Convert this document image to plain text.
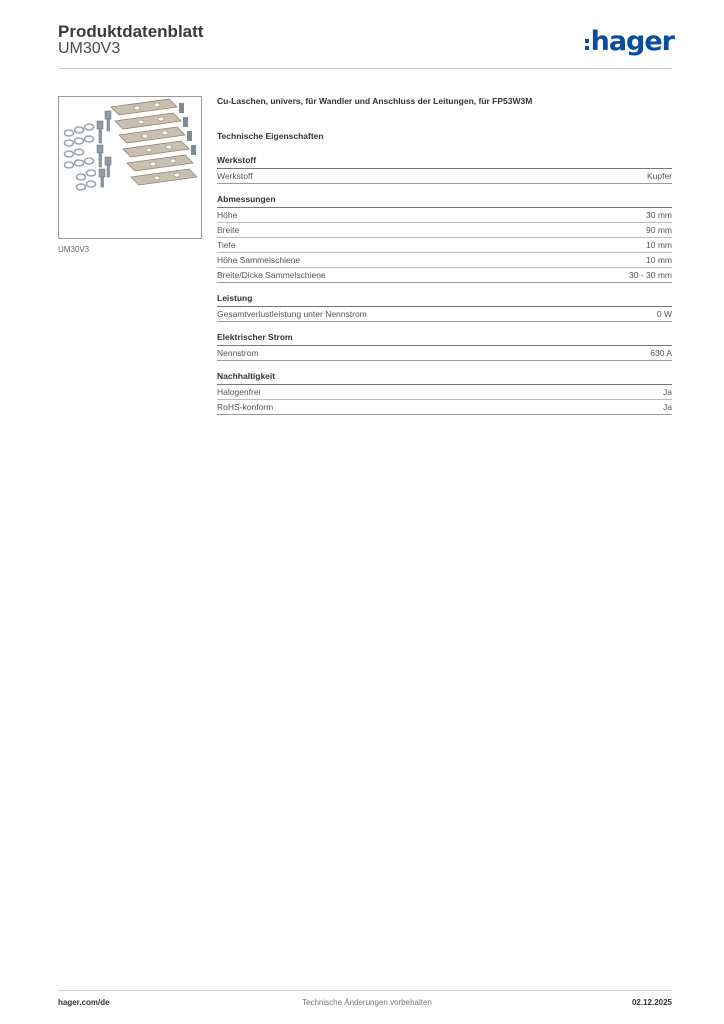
Produktdatenblatt
UM30V3	hager
UM30V3
Cu-Laschen, univers, für Wandler und Anschluss der Leitungen, für FP53W3M
Technische Eigenschaften
Werkstoff
Werkstoff	Kupfer
Abmessungen
Höhe	30 mm
Breite	90 mm
Tiefe	10 mm
Höhe Sammelschiene	10 mm
Breite/Dicke Sammelschiene	30 - 30 mm
Leistung
Gesamtverlustleistung unter Nennstrom	0 W
Elektrischer Strom
Nennstrom	630 A
Nachhaltigkeit
Halogenfrei	Ja
RoHS-konform	Ja
hager.com/de	Technische Änderungen vorbehalten	02.12.2025
